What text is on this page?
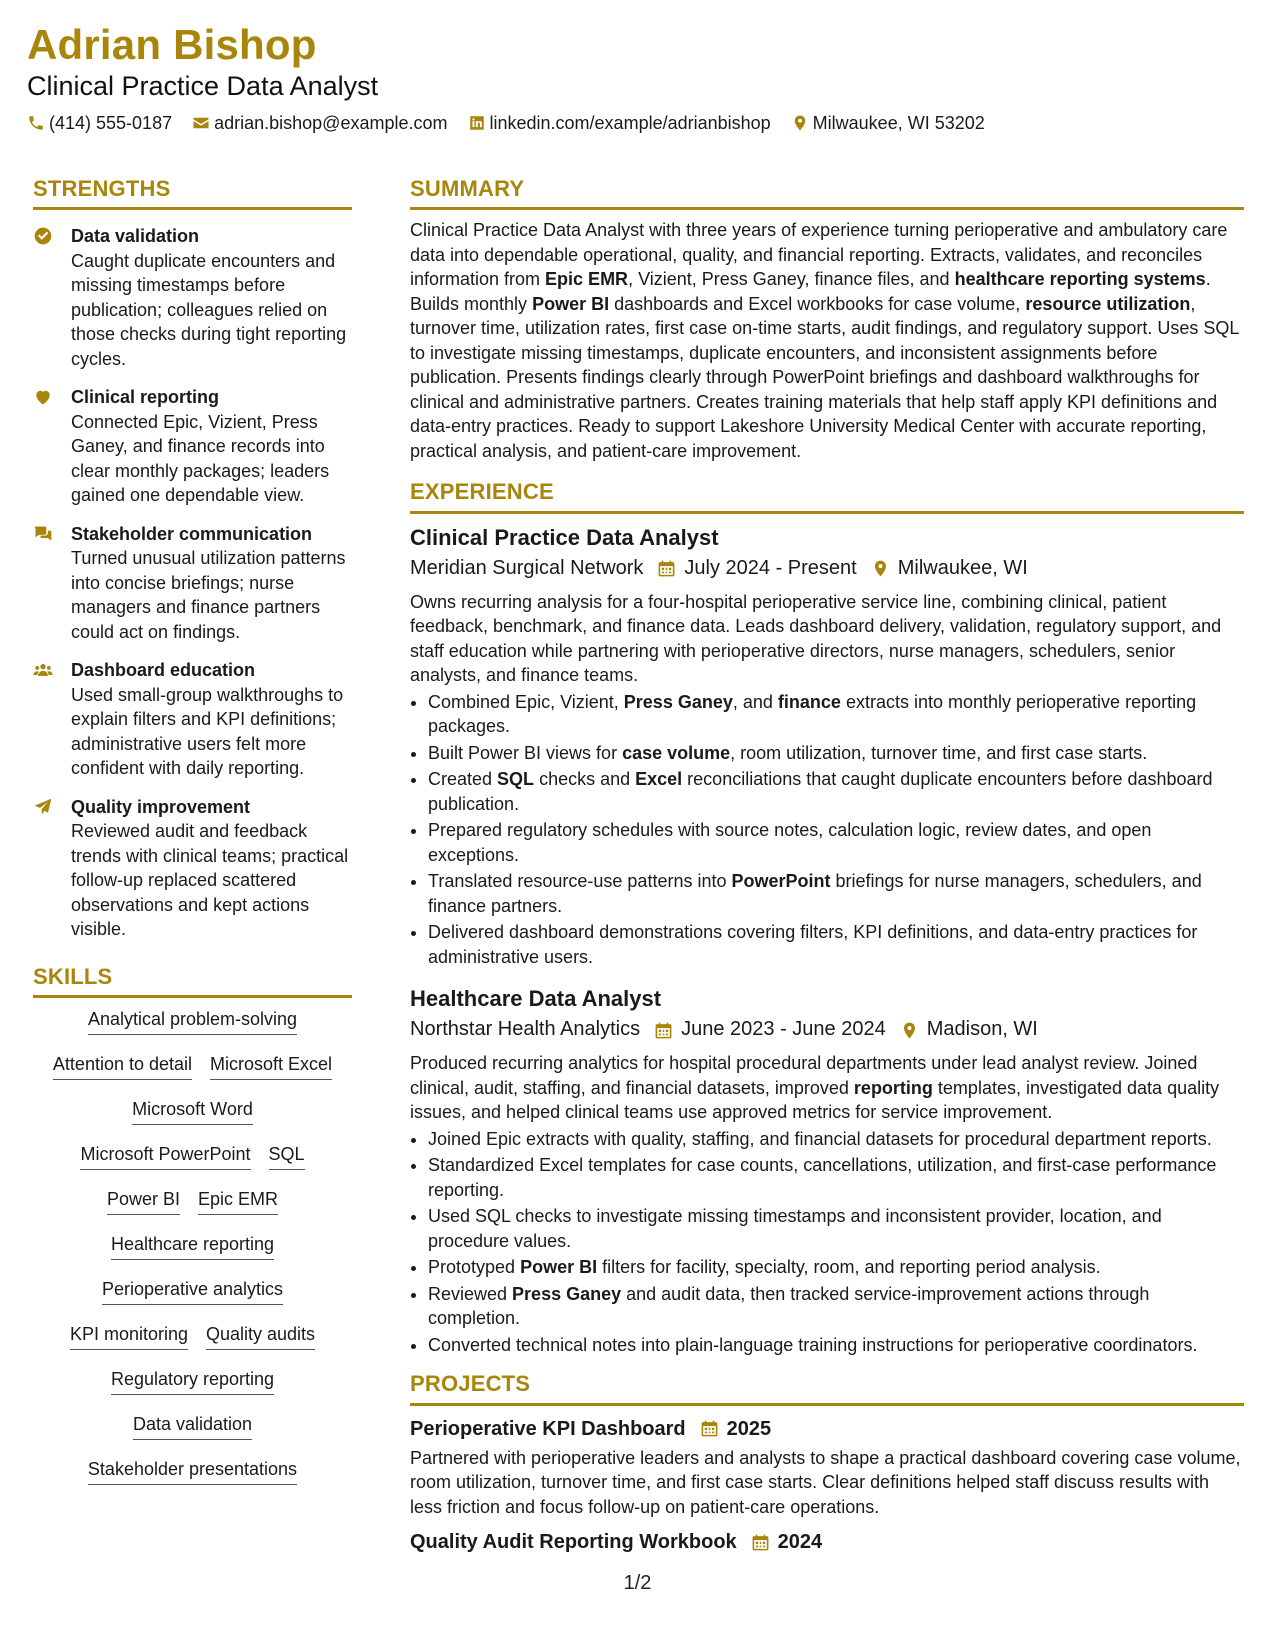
Adrian Bishop
Clinical Practice Data Analyst
(414) 555-0187 adrian.bishop@example.com linkedin.com/example/adrianbishop Milwaukee, WI 53202
STRENGTHS
Data validation
Caught duplicate encounters and missing timestamps before publication; colleagues relied on those checks during tight reporting cycles.
Clinical reporting
Connected Epic, Vizient, Press Ganey, and finance records into clear monthly packages; leaders gained one dependable view.
Stakeholder communication
Turned unusual utilization patterns into concise briefings; nurse managers and finance partners could act on findings.
Dashboard education
Used small-group walkthroughs to explain filters and KPI definitions; administrative users felt more confident with daily reporting.
Quality improvement
Reviewed audit and feedback trends with clinical teams; practical follow-up replaced scattered observations and kept actions visible.
SKILLS
Analytical problem-solving
Attention to detail Microsoft Excel
Microsoft Word
Microsoft PowerPoint SQL
Power BI Epic EMR
Healthcare reporting
Perioperative analytics
KPI monitoring Quality audits
Regulatory reporting
Data validation
Stakeholder presentations
SUMMARY
Clinical Practice Data Analyst with three years of experience turning perioperative and ambulatory care data into dependable operational, quality, and financial reporting. Extracts, validates, and reconciles information from Epic EMR, Vizient, Press Ganey, finance files, and healthcare reporting systems. Builds monthly Power BI dashboards and Excel workbooks for case volume, resource utilization, turnover time, utilization rates, first case on-time starts, audit findings, and regulatory support. Uses SQL to investigate missing timestamps, duplicate encounters, and inconsistent assignments before publication. Presents findings clearly through PowerPoint briefings and dashboard walkthroughs for clinical and administrative partners. Creates training materials that help staff apply KPI definitions and data-entry practices. Ready to support Lakeshore University Medical Center with accurate reporting, practical analysis, and patient-care improvement.
EXPERIENCE
Clinical Practice Data Analyst
Meridian Surgical Network July 2024 - Present Milwaukee, WI
Owns recurring analysis for a four-hospital perioperative service line, combining clinical, patient feedback, benchmark, and finance data. Leads dashboard delivery, validation, regulatory support, and staff education while partnering with perioperative directors, nurse managers, schedulers, senior analysts, and finance teams.
• Combined Epic, Vizient, Press Ganey, and finance extracts into monthly perioperative reporting packages.
• Built Power BI views for case volume, room utilization, turnover time, and first case starts.
• Created SQL checks and Excel reconciliations that caught duplicate encounters before dashboard publication.
• Prepared regulatory schedules with source notes, calculation logic, review dates, and open exceptions.
• Translated resource-use patterns into PowerPoint briefings for nurse managers, schedulers, and finance partners.
• Delivered dashboard demonstrations covering filters, KPI definitions, and data-entry practices for administrative users.
Healthcare Data Analyst
Northstar Health Analytics June 2023 - June 2024 Madison, WI
Produced recurring analytics for hospital procedural departments under lead analyst review. Joined clinical, audit, staffing, and financial datasets, improved reporting templates, investigated data quality issues, and helped clinical teams use approved metrics for service improvement.
• Joined Epic extracts with quality, staffing, and financial datasets for procedural department reports.
• Standardized Excel templates for case counts, cancellations, utilization, and first-case performance reporting.
• Used SQL checks to investigate missing timestamps and inconsistent provider, location, and procedure values.
• Prototyped Power BI filters for facility, specialty, room, and reporting period analysis.
• Reviewed Press Ganey and audit data, then tracked service-improvement actions through completion.
• Converted technical notes into plain-language training instructions for perioperative coordinators.
PROJECTS
Perioperative KPI Dashboard 2025
Partnered with perioperative leaders and analysts to shape a practical dashboard covering case volume, room utilization, turnover time, and first case starts. Clear definitions helped staff discuss results with less friction and focus follow-up on patient-care operations.
Quality Audit Reporting Workbook 2024
1/2
